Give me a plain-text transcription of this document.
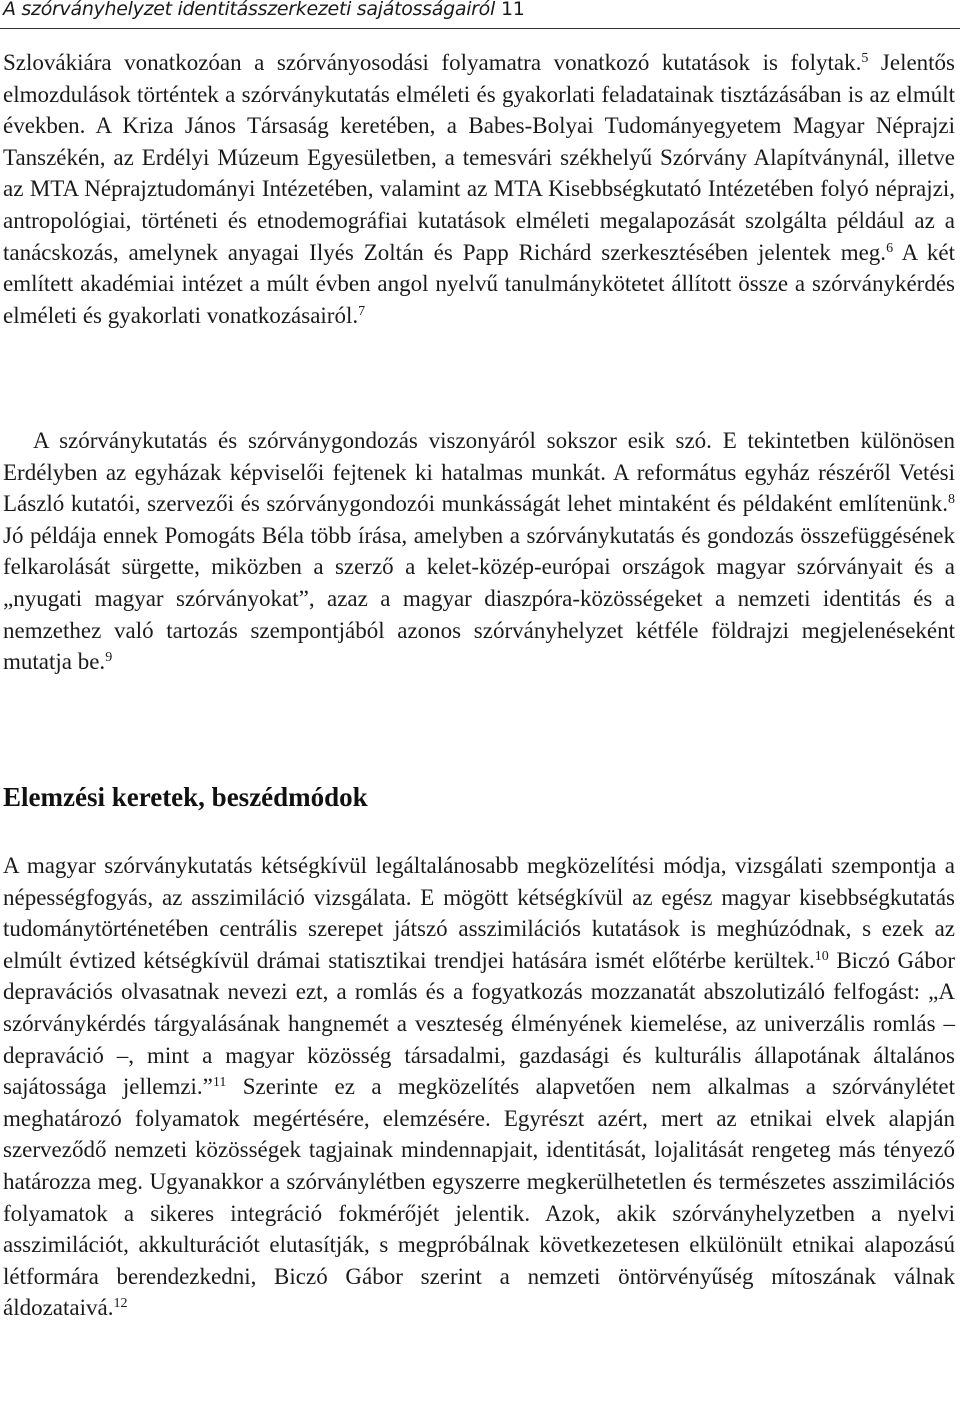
A szórványhelyzet identitásszerkezeti sajátosságairól 11

Szlovákiára vonatkozóan a szórványosodási folyamatra vonatkozó kutatások is folytak.$^5$ Jelentős elmozdulások történtek a szórványkutatás elméleti és gyakorlati feladatainak tisztázásában is az elmúlt években. A Kriza János Társaság keretében, a Babes-Bolyai Tudományegyetem Magyar Néprajzi Tanszékén, az Erdélyi Múzeum Egyesületben, a temesvári székhelyű Szórvány Alapítványnál, illetve az MTA Néprajztudományi Intézetében, valamint az MTA Kisebbségkutató Intézetében folyó néprajzi, antropológiai, történeti és etnodemográfiai kutatások elméleti megalapozását szolgálta például az a tanácskozás, amelynek anyagai Ilyés Zoltán és Papp Richárd szerkesztésében jelentek meg.$^6$ A két említett akadémiai intézet a múlt évben angol nyelvű tanulmánykötetet állított össze a szórványkérdés elméleti és gyakorlati vonatkozásairól.$^7$

A szórványkutatás és szórványgondozás viszonyáról sokszor esik szó. E tekintetben különösen Erdélyben az egyházak képviselői fejtenek ki hatalmas munkát. A református egyház részéről Vetési László kutatói, szervezői és szórványgondozói munkásságát lehet mintaként és példaként említenünk.$^8$ Jó példája ennek Pomogáts Béla több írása, amelyben a szórványkutatás és gondozás összefüggésének felkarolását sürgette, miközben a szerző a kelet-közép-európai országok magyar szórványait és a „nyugati magyar szórványokat”, azaz a magyar diaszpóra-közösségeket a nemzeti identitás és a nemzethez való tartozás szempontjából azonos szórványhelyzet kétféle földrajzi megjelenéseként mutatja be.$^9$

Elemzési keretek, beszédmódok

A magyar szórványkutatás kétségkívül legáltalánosabb megközelítési módja, vizsgálati szempontja a népességfogyás, az asszimiláció vizsgálata. E mögött kétségkívül az egész magyar kisebbségkutatás tudománytörténetében centrális szerepet játszó asszimilációs kutatások is meghúzódnak, s ezek az elmúlt évtized kétségkívül drámai statisztikai trendjei hatására ismét előtérbe kerültek.$^{10}$ Biczó Gábor depravációs olvasatnak nevezi ezt, a romlás és a fogyatkozás mozzanatát abszolutizáló felfogást: „A szórványkérdés tárgyalásának hangnemét a veszteség élményének kiemelése, az univerzális romlás – depraváció –, mint a magyar közösség társadalmi, gazdasági és kulturális állapotának általános sajátossága jellemzi.”$^{11}$ Szerinte ez a megközelítés alapvetően nem alkalmas a szórványlétet meghatározó folyamatok megértésére, elemzésére. Egyrészt azért, mert az etnikai elvek alapján szerveződő nemzeti közösségek tagjainak mindennapjait, identitását, lojalitását rengeteg más tényező határozza meg. Ugyanakkor a szórványlétben egyszerre megkerülhetetlen és természetes asszimilációs folyamatok a sikeres integráció fokmérőjét jelentik. Azok, akik szórványhelyzetben a nyelvi asszimilációt, akkulturációt elutasítják, s megpróbálnak következetesen elkülönült etnikai alapozású létformára berendezkedni, Biczó Gábor szerint a nemzeti öntörvényűség mítoszának válnak áldozataivá.$^{12}$
